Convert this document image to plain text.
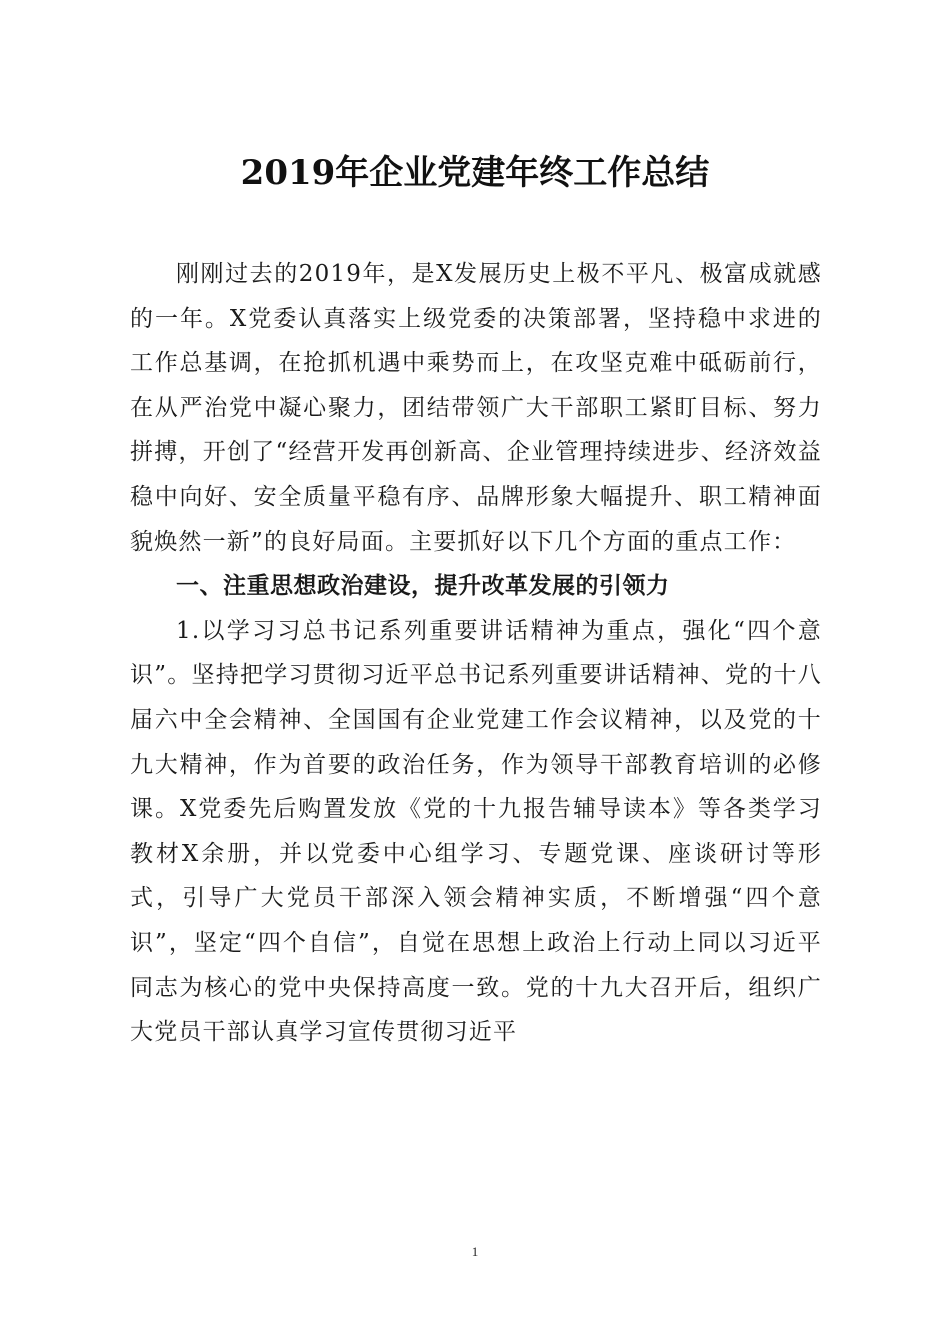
2019年企业党建年终工作总结

刚刚过去的2019年，是X发展历史上极不平凡、极富成就感的一年。X党委认真落实上级党委的决策部署，坚持稳中求进的工作总基调，在抢抓机遇中乘势而上，在攻坚克难中砥砺前行，在从严治党中凝心聚力，团结带领广大干部职工紧盯目标、努力拼搏，开创了“经营开发再创新高、企业管理持续进步、经济效益稳中向好、安全质量平稳有序、品牌形象大幅提升、职工精神面貌焕然一新”的良好局面。主要抓好以下几个方面的重点工作：

一、注重思想政治建设，提升改革发展的引领力

1.以学习习总书记系列重要讲话精神为重点，强化“四个意识”。坚持把学习贯彻习近平总书记系列重要讲话精神、党的十八届六中全会精神、全国国有企业党建工作会议精神，以及党的十九大精神，作为首要的政治任务，作为领导干部教育培训的必修课。X党委先后购置发放《党的十九报告辅导读本》等各类学习教材X余册，并以党委中心组学习、专题党课、座谈研讨等形式，引导广大党员干部深入领会精神实质，不断增强“四个意识”，坚定“四个自信”，自觉在思想上政治上行动上同以习近平同志为核心的党中央保持高度一致。党的十九大召开后，组织广大党员干部认真学习宣传贯彻习近平

1
